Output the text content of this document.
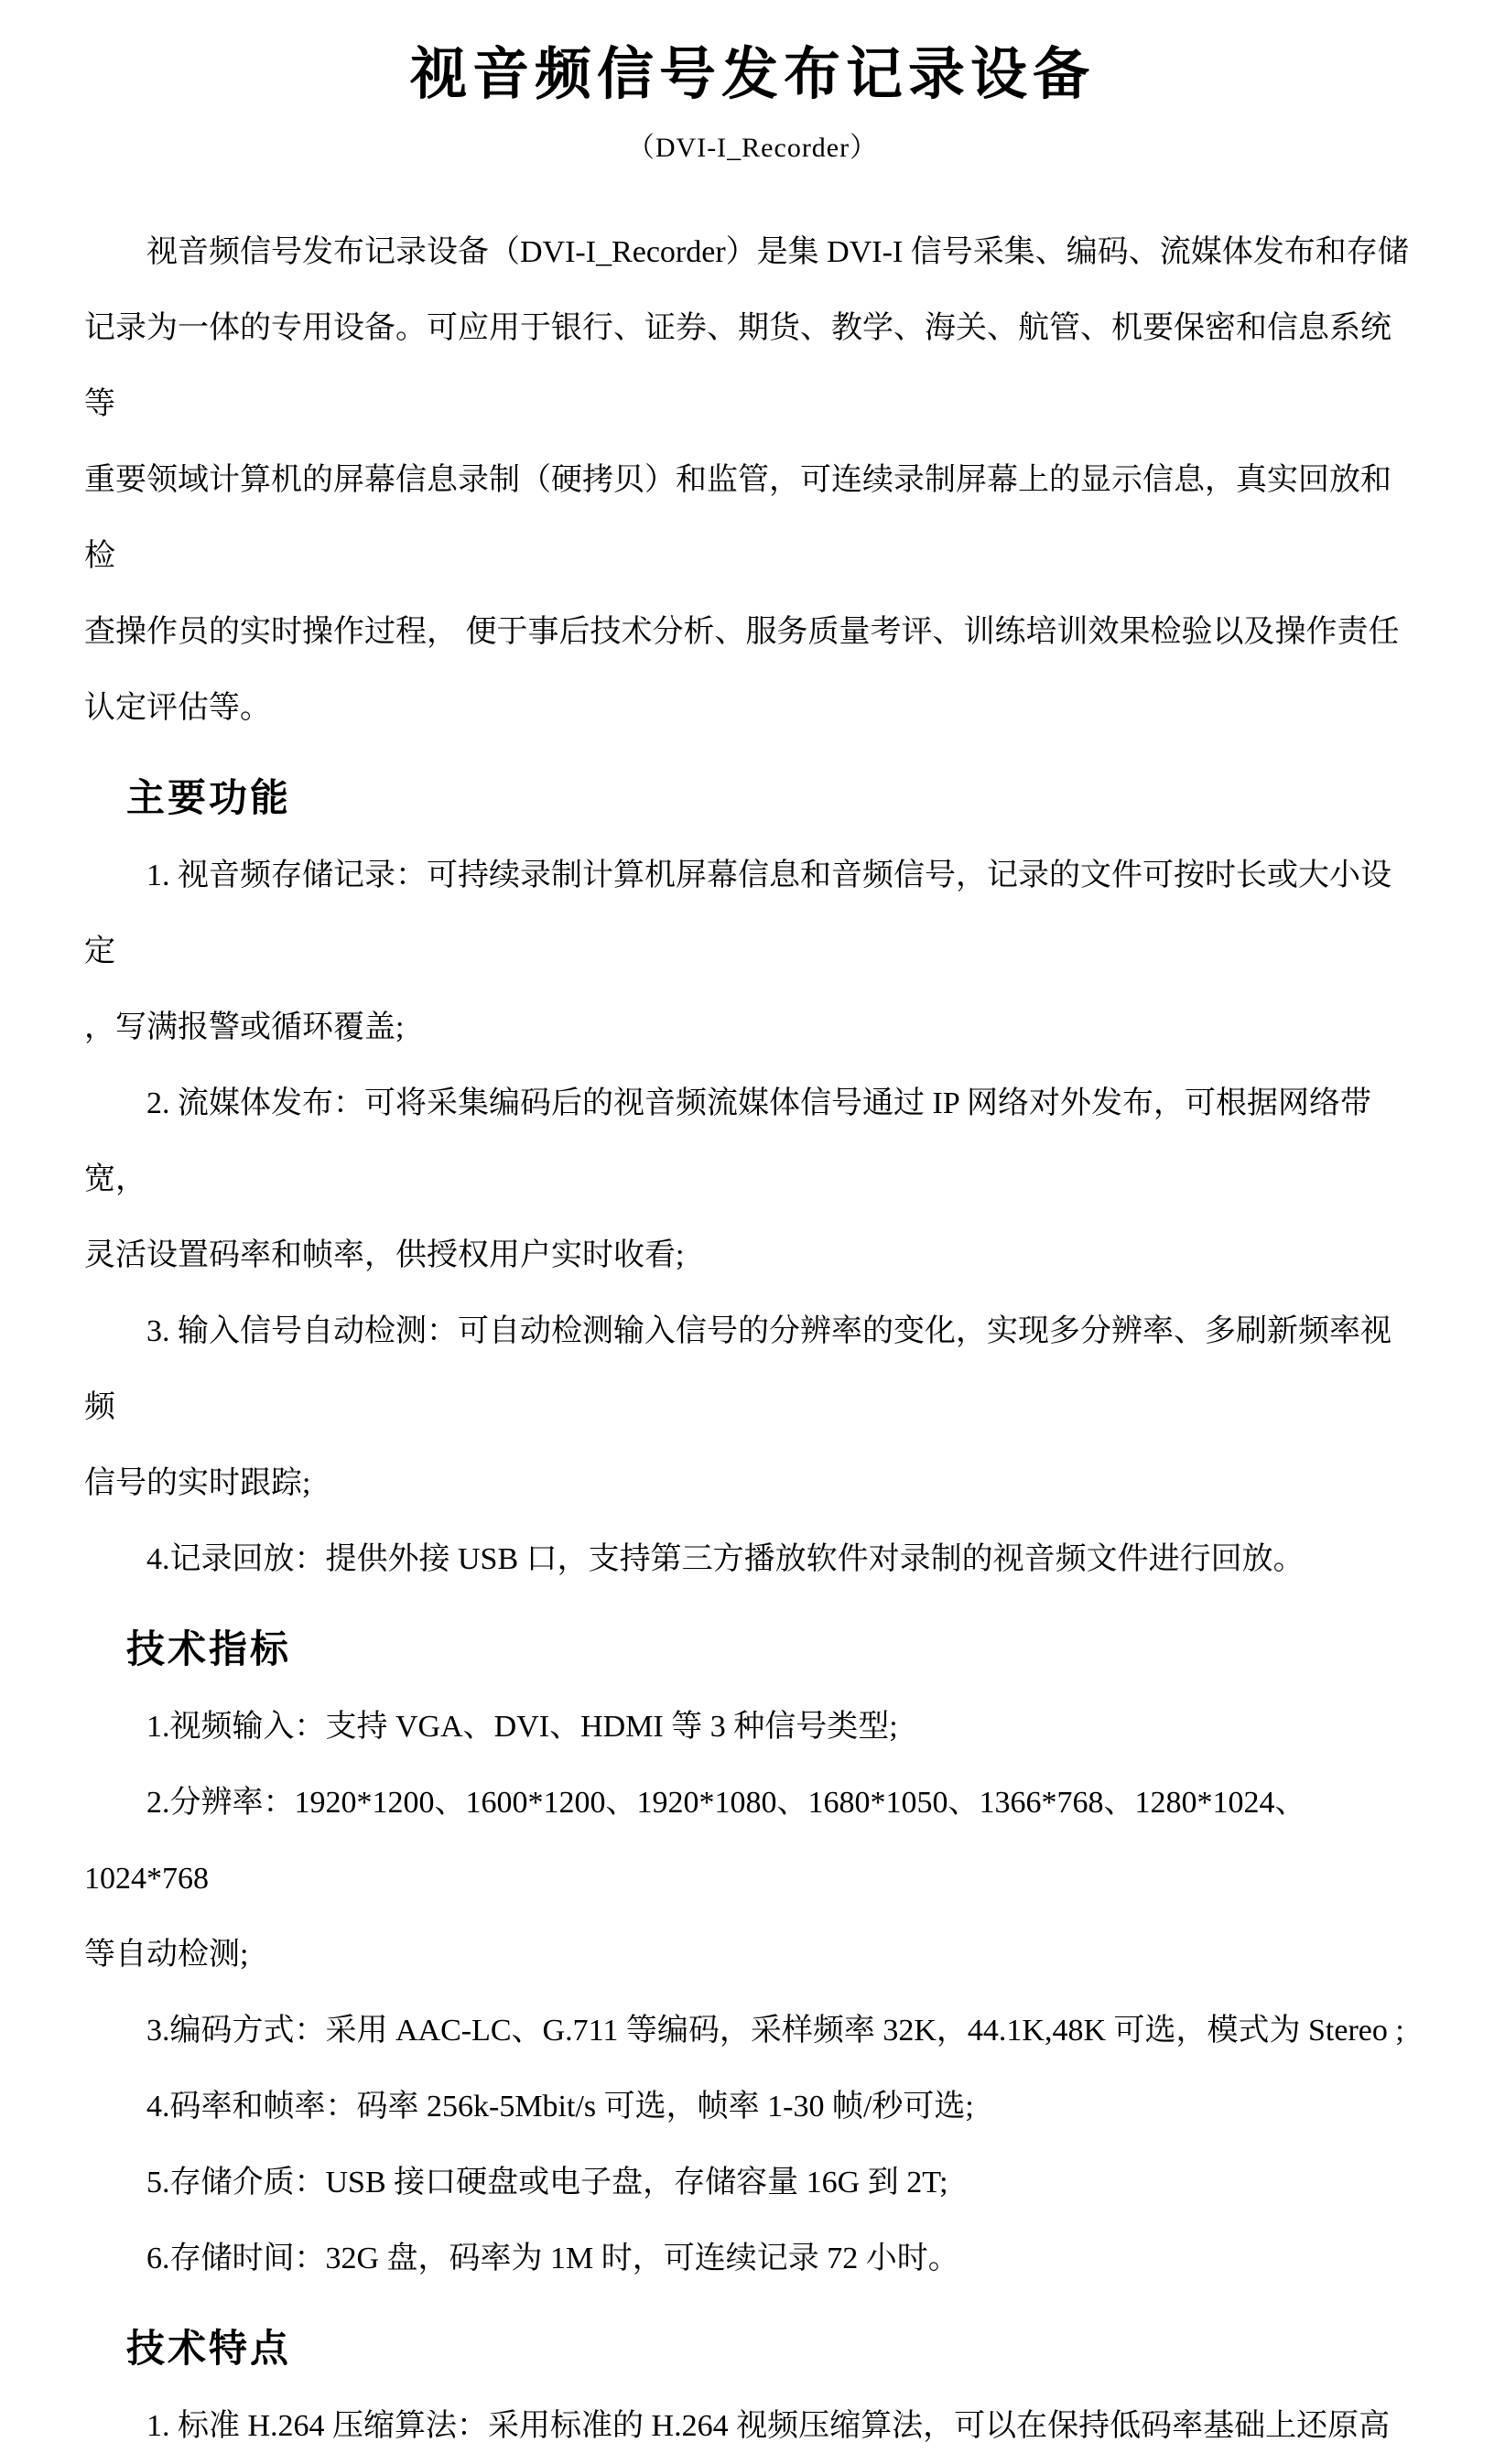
视音频信号发布记录设备
（DVI-I_Recorder）
　　视音频信号发布记录设备（DVI-I_Recorder）是集 DVI-I 信号采集、编码、流媒体发布和存储
记录为一体的专用设备。可应用于银行、证券、期货、教学、海关、航管、机要保密和信息系统等
重要领域计算机的屏幕信息录制（硬拷贝）和监管，可连续录制屏幕上的显示信息，真实回放和检
查操作员的实时操作过程， 便于事后技术分析、服务质量考评、训练培训效果检验以及操作责任
认定评估等。
主要功能
　　1. 视音频存储记录：可持续录制计算机屏幕信息和音频信号，记录的文件可按时长或大小设定
，写满报警或循环覆盖;
　　2. 流媒体发布：可将采集编码后的视音频流媒体信号通过 IP 网络对外发布，可根据网络带宽，
灵活设置码率和帧率，供授权用户实时收看;
　　3. 输入信号自动检测：可自动检测输入信号的分辨率的变化，实现多分辨率、多刷新频率视频
信号的实时跟踪;
　　4.记录回放：提供外接 USB 口，支持第三方播放软件对录制的视音频文件进行回放。
技术指标
　　1.视频输入：支持 VGA、DVI、HDMI 等 3 种信号类型;
　　2.分辨率：1920*1200、1600*1200、1920*1080、1680*1050、1366*768、1280*1024、1024*768
等自动检测;
　　3.编码方式：采用 AAC-LC、G.711 等编码，采样频率 32K，44.1K,48K 可选，模式为 Stereo ;
　　4.码率和帧率：码率 256k-5Mbit/s 可选，帧率 1-30 帧/秒可选;
　　5.存储介质：USB 接口硬盘或电子盘，存储容量 16G 到 2T;
　　6.存储时间：32G 盘，码率为 1M 时，可连续记录 72 小时。
技术特点
　　1. 标准 H.264 压缩算法：采用标准的 H.264 视频压缩算法，可以在保持低码率基础上还原高
